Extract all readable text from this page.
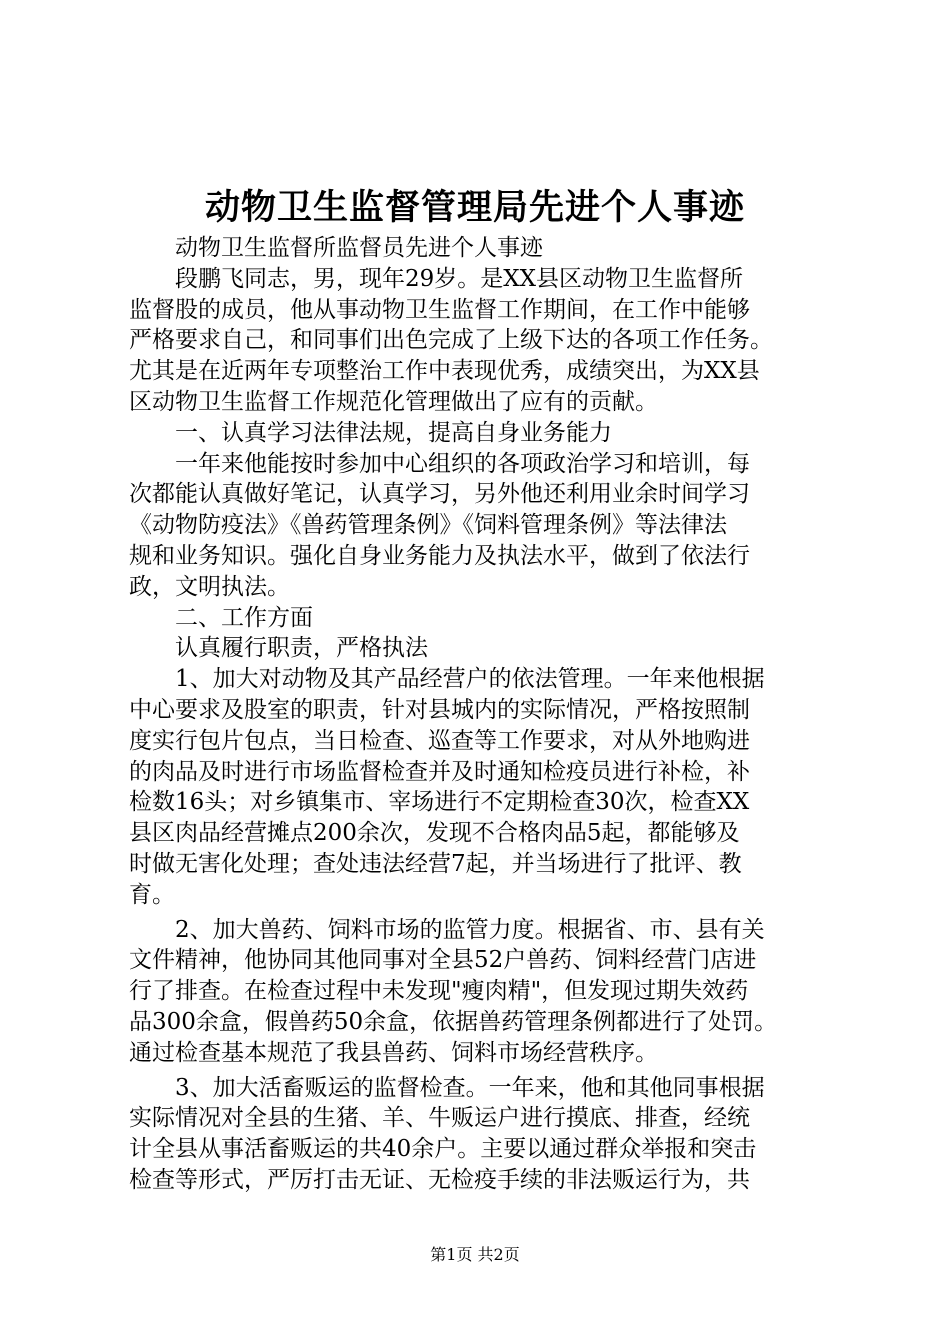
动物卫生监督管理局先进个人事迹
　　动物卫生监督所监督员先进个人事迹
　　段鹏飞同志，男，现年29岁。是XX县区动物卫生监督所
监督股的成员，他从事动物卫生监督工作期间，在工作中能够
严格要求自己，和同事们出色完成了上级下达的各项工作任务。
尤其是在近两年专项整治工作中表现优秀，成绩突出，为XX县
区动物卫生监督工作规范化管理做出了应有的贡献。
　　一、认真学习法律法规，提高自身业务能力
　　一年来他能按时参加中心组织的各项政治学习和培训，每
次都能认真做好笔记，认真学习，另外他还利用业余时间学习
《动物防疫法》《兽药管理条例》《饲料管理条例》等法律法
规和业务知识。强化自身业务能力及执法水平，做到了依法行
政，文明执法。
　　二、工作方面
　　认真履行职责，严格执法
　　1、加大对动物及其产品经营户的依法管理。一年来他根据
中心要求及股室的职责，针对县城内的实际情况，严格按照制
度实行包片包点，当日检查、巡查等工作要求，对从外地购进
的肉品及时进行市场监督检查并及时通知检疫员进行补检，补
检数16头；对乡镇集市、宰场进行不定期检查30次，检查XX
县区肉品经营摊点200余次，发现不合格肉品5起，都能够及
时做无害化处理；查处违法经营7起，并当场进行了批评、教
育。
　　2、加大兽药、饲料市场的监管力度。根据省、市、县有关
文件精神，他协同其他同事对全县52户兽药、饲料经营门店进
行了排查。在检查过程中未发现"瘦肉精"，但发现过期失效药
品300余盒，假兽药50余盒，依据兽药管理条例都进行了处罚。
通过检查基本规范了我县兽药、饲料市场经营秩序。
　　3、加大活畜贩运的监督检查。一年来，他和其他同事根据
实际情况对全县的生猪、羊、牛贩运户进行摸底、排查，经统
计全县从事活畜贩运的共40余户。主要以通过群众举报和突击
检查等形式，严厉打击无证、无检疫手续的非法贩运行为，共
第1页 共2页
